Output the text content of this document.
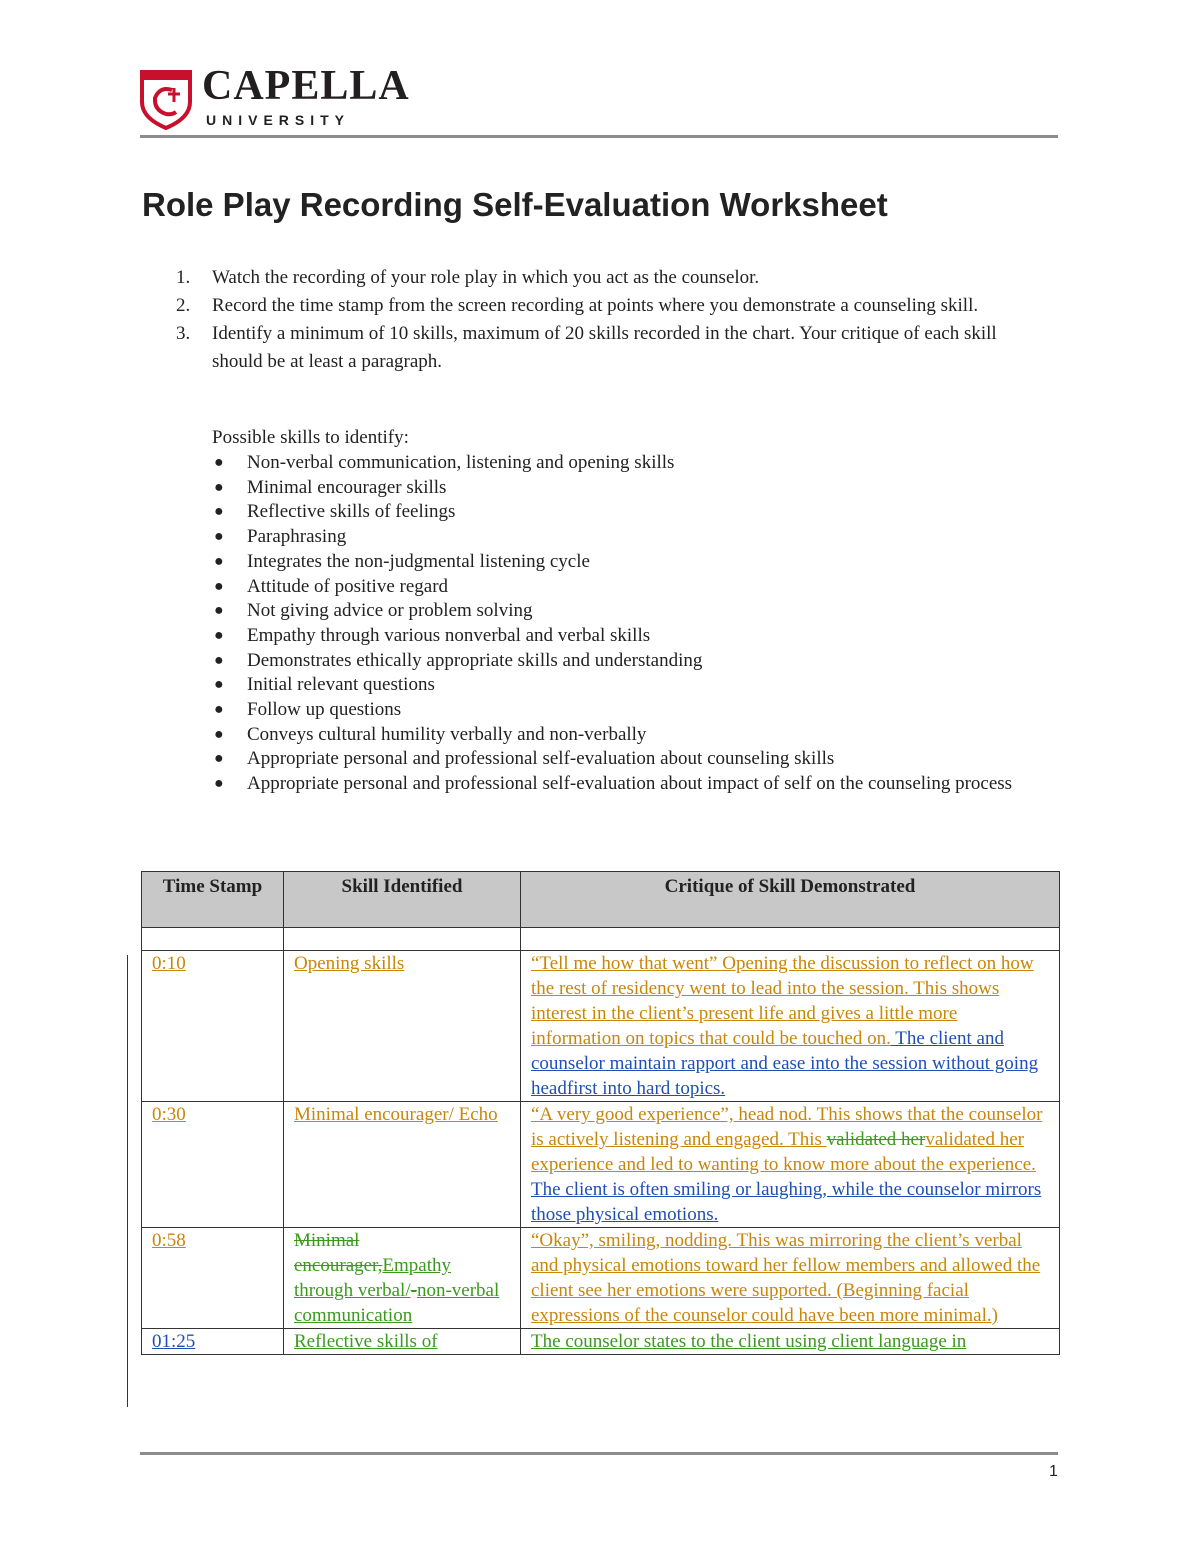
CAPELLA
UNIVERSITY
Role Play Recording Self-Evaluation Worksheet
1. Watch the recording of your role play in which you act as the counselor.
2. Record the time stamp from the screen recording at points where you demonstrate a counseling skill.
3. Identify a minimum of 10 skills, maximum of 20 skills recorded in the chart. Your critique of each skill should be at least a paragraph.

Possible skills to identify:

● Non-verbal communication, listening and opening skills
● Minimal encourager skills
● Reflective skills of feelings
● Paraphrasing
● Integrates the non-judgmental listening cycle
● Attitude of positive regard
● Not giving advice or problem solving
● Empathy through various nonverbal and verbal skills
● Demonstrates ethically appropriate skills and understanding
● Initial relevant questions
● Follow up questions
● Conveys cultural humility verbally and non-verbally
● Appropriate personal and professional self-evaluation about counseling skills
● Appropriate personal and professional self-evaluation about impact of self on the counseling process
Time Stamp	Skill Identified	Critique of Skill Demonstrated

0:10	Opening skills	“Tell me how that went” Opening the discussion to reflect on how the rest of residency went to lead into the session. This shows interest in the client’s present life and gives a little more information on topics that could be touched on. The client and counselor maintain rapport and ease into the session without going headfirst into hard topics.
0:30	Minimal encourager/ Echo	“A very good experience”, head nod. This shows that the counselor is actively listening and engaged. This validated hervalidated her experience and led to wanting to know more about the experience. The client is often smiling or laughing, while the counselor mirrors those physical emotions.
0:58	Minimal encourager,Empathy through verbal/-non-verbal communication	“Okay”, smiling, nodding. This was mirroring the client’s verbal and physical emotions toward her fellow members and allowed the client see her emotions were supported. (Beginning facial expressions of the counselor could have been more minimal.)
01:25	Reflective skills of	The counselor states to the client using client language in
1
